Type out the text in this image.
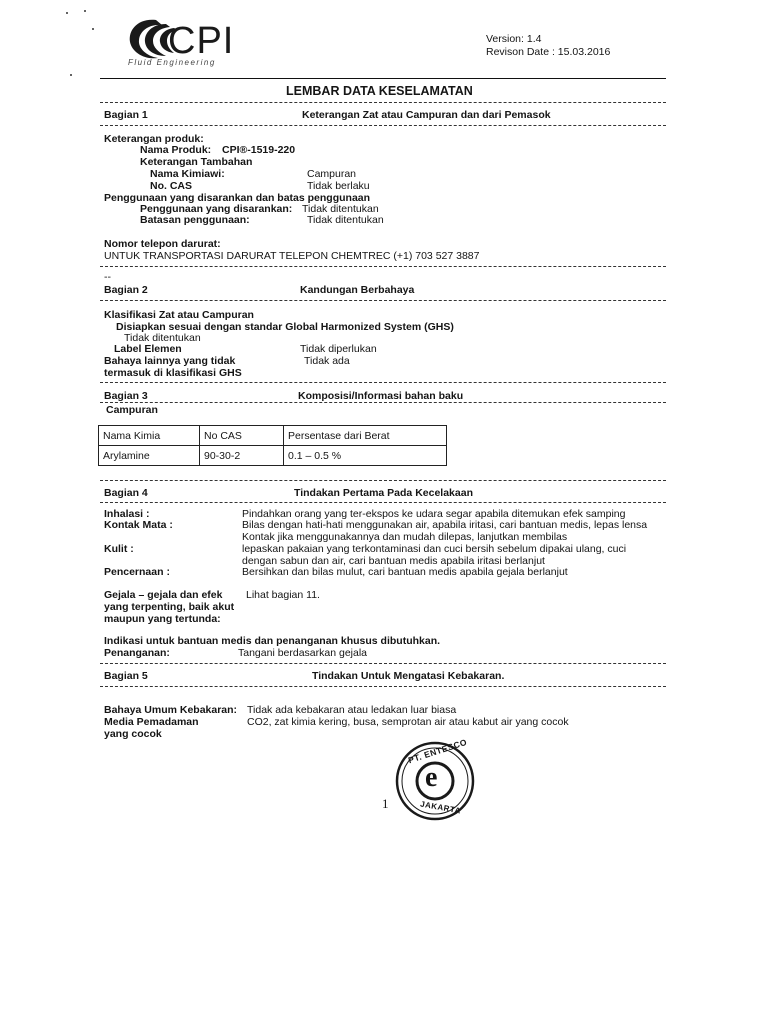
CPI
Fluid Engineering
Version: 1.4
Revison Date : 15.03.2016
LEMBAR DATA KESELAMATAN
Bagian 1	Keterangan Zat atau Campuran dan dari Pemasok
Keterangan produk:
Nama Produk: CPI®-1519-220
Keterangan Tambahan
Nama Kimiawi:	Campuran
No. CAS	Tidak berlaku
Penggunaan yang disarankan dan batas penggunaan
Penggunaan yang disarankan: Tidak ditentukan
Batasan penggunaan:	Tidak ditentukan
Nomor telepon darurat:
UNTUK TRANSPORTASI DARURAT TELEPON CHEMTREC (+1) 703 527 3887
--
Bagian 2	Kandungan Berbahaya
Klasifikasi Zat atau Campuran
Disiapkan sesuai dengan standar Global Harmonized System (GHS)
Tidak ditentukan
Label Elemen	Tidak diperlukan
Bahaya lainnya yang tidak	Tidak ada
termasuk di klasifikasi GHS
Bagian 3	Komposisi/Informasi bahan baku
Campuran
Nama Kimia	No CAS	Persentase dari Berat
Arylamine	90-30-2	0.1 – 0.5 %
Bagian 4	Tindakan Pertama Pada Kecelakaan
Inhalasi :	Pindahkan orang yang ter-ekspos ke udara segar apabila ditemukan efek samping
Kontak Mata :	Bilas dengan hati-hati menggunakan air, apabila iritasi, cari bantuan medis, lepas lensa
Kontak jika menggunakannya dan mudah dilepas, lanjutkan membilas
Kulit :	lepaskan pakaian yang terkontaminasi dan cuci bersih sebelum dipakai ulang, cuci
dengan sabun dan air, cari bantuan medis apabila iritasi berlanjut
Pencernaan :	Bersihkan dan bilas mulut, cari bantuan medis apabila gejala berlanjut
Gejala – gejala dan efek Lihat bagian 11.
yang terpenting, baik akut
maupun yang tertunda:
Indikasi untuk bantuan medis dan penanganan khusus dibutuhkan.
Penanganan:	Tangani berdasarkan gejala
Bagian 5	Tindakan Untuk Mengatasi Kebakaran.
Bahaya Umum Kebakaran: Tidak ada kebakaran atau ledakan luar biasa
Media Pemadaman	CO2, zat kimia kering, busa, semprotan air atau kabut air yang cocok
yang cocok
PT. ENTESCO
e
JAKARTA
1
